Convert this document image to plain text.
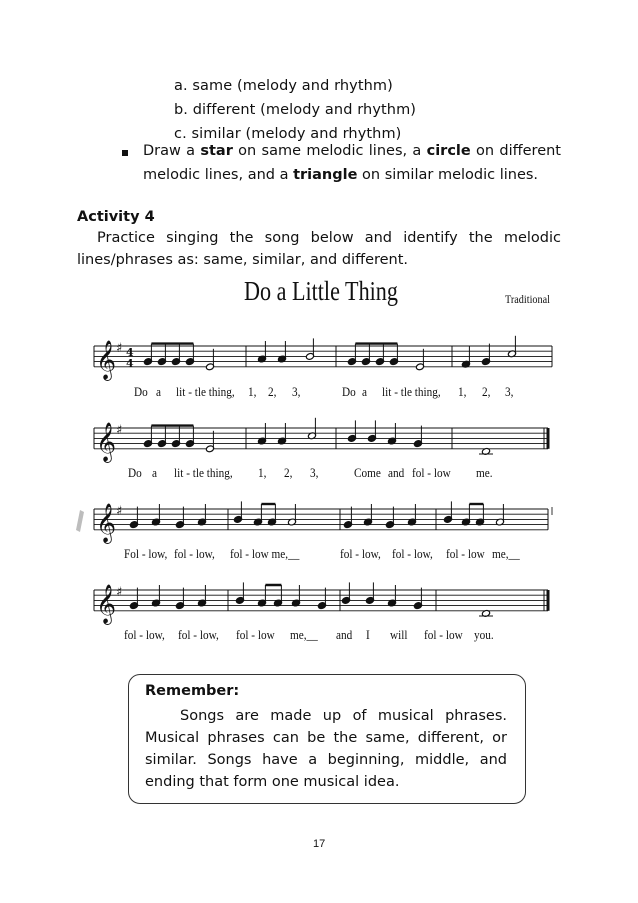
a. same (melody and rhythm)
b. different (melody and rhythm)
c. similar (melody and rhythm)
Draw a star on same melodic lines, a circle on different
melodic lines, and a triangle on similar melodic lines.
Activity 4
Practice singing the song below and identify the melodic
lines/phrases as: same, similar, and different.
Do a Little Thing	Traditional
𝄞 ♯ 4
4
𝄞 ♯
𝄞 ♯
𝄞 ♯
Do a lit - tle thing, 1, 2, 3,	Do a lit - tle thing, 1, 2, 3,
Do a lit - tle thing, 1, 2, 3,	Come and fol - low me.
Fol - low, fol - low, fol - low me,__	fol - low, fol - low, fol - low me,__
fol - low, fol - low, fol - low me,__ and I will fol - low you.
Remember:
Songs are made up of musical phrases.
Musical phrases can be the same, different, or
similar. Songs have a beginning, middle, and
ending that form one musical idea.
17
